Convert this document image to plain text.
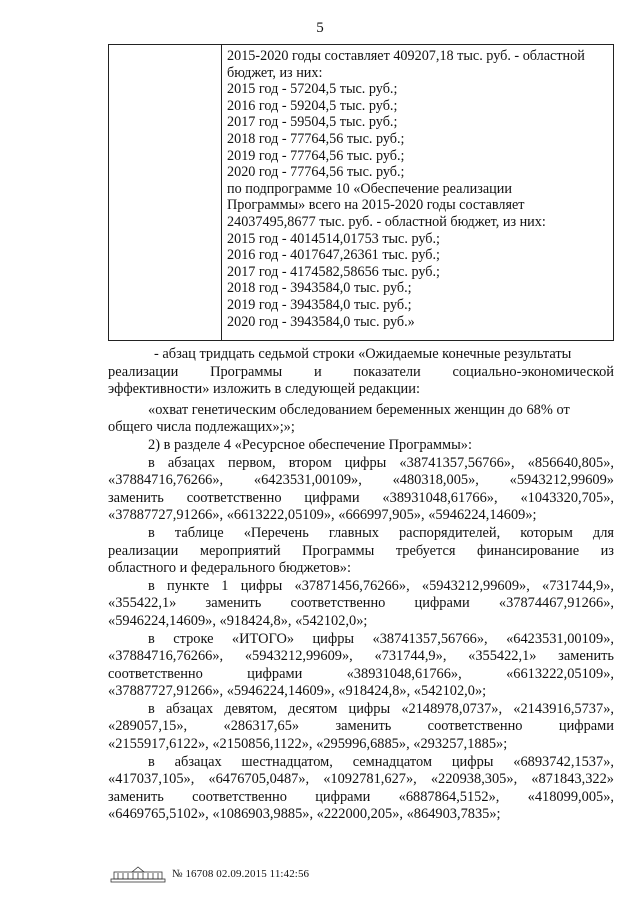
5
2015-2020 годы составляет 409207,18 тыс. руб. - областной
бюджет, из них:
2015 год - 57204,5 тыс. руб.;
2016 год - 59204,5 тыс. руб.;
2017 год - 59504,5 тыс. руб.;
2018 год - 77764,56 тыс. руб.;
2019 год - 77764,56 тыс. руб.;
2020 год - 77764,56 тыс. руб.;
по подпрограмме 10 «Обеспечение реализации
Программы» всего на 2015-2020 годы составляет
24037495,8677 тыс. руб. - областной бюджет, из них:
2015 год - 4014514,01753 тыс. руб.;
2016 год - 4017647,26361 тыс. руб.;
2017 год - 4174582,58656 тыс. руб.;
2018 год - 3943584,0 тыс. руб.;
2019 год - 3943584,0 тыс. руб.;
2020 год - 3943584,0 тыс. руб.»
- абзац тридцать седьмой строки «Ожидаемые конечные результаты
реализации Программы и показатели социально-экономической
эффективности» изложить в следующей редакции:
«охват генетическим обследованием беременных женщин до 68% от
общего числа подлежащих»;»;
2) в разделе 4 «Ресурсное обеспечение Программы»:
в абзацах первом, втором цифры «38741357,56766», «856640,805»,
«37884716,76266», «6423531,00109», «480318,005», «5943212,99609»
заменить соответственно цифрами «38931048,61766», «1043320,705»,
«37887727,91266», «6613222,05109», «666997,905», «5946224,14609»;
в таблице «Перечень главных распорядителей, которым для
реализации мероприятий Программы требуется финансирование из
областного и федерального бюджетов»:
в пункте 1 цифры «37871456,76266», «5943212,99609», «731744,9»,
«355422,1» заменить соответственно цифрами «37874467,91266»,
«5946224,14609», «918424,8», «542102,0»;
в строке «ИТОГО» цифры «38741357,56766», «6423531,00109»,
«37884716,76266», «5943212,99609», «731744,9», «355422,1» заменить
соответственно цифрами «38931048,61766», «6613222,05109»,
«37887727,91266», «5946224,14609», «918424,8», «542102,0»;
в абзацах девятом, десятом цифры «2148978,0737», «2143916,5737»,
«289057,15», «286317,65» заменить соответственно цифрами
«2155917,6122», «2150856,1122», «295996,6885», «293257,1885»;
в абзацах шестнадцатом, семнадцатом цифры «6893742,1537»,
«417037,105», «6476705,0487», «1092781,627», «220938,305», «871843,322»
заменить соответственно цифрами «6887864,5152», «418099,005»,
«6469765,5102», «1086903,9885», «222000,205», «864903,7835»;
№ 16708 02.09.2015 11:42:56
